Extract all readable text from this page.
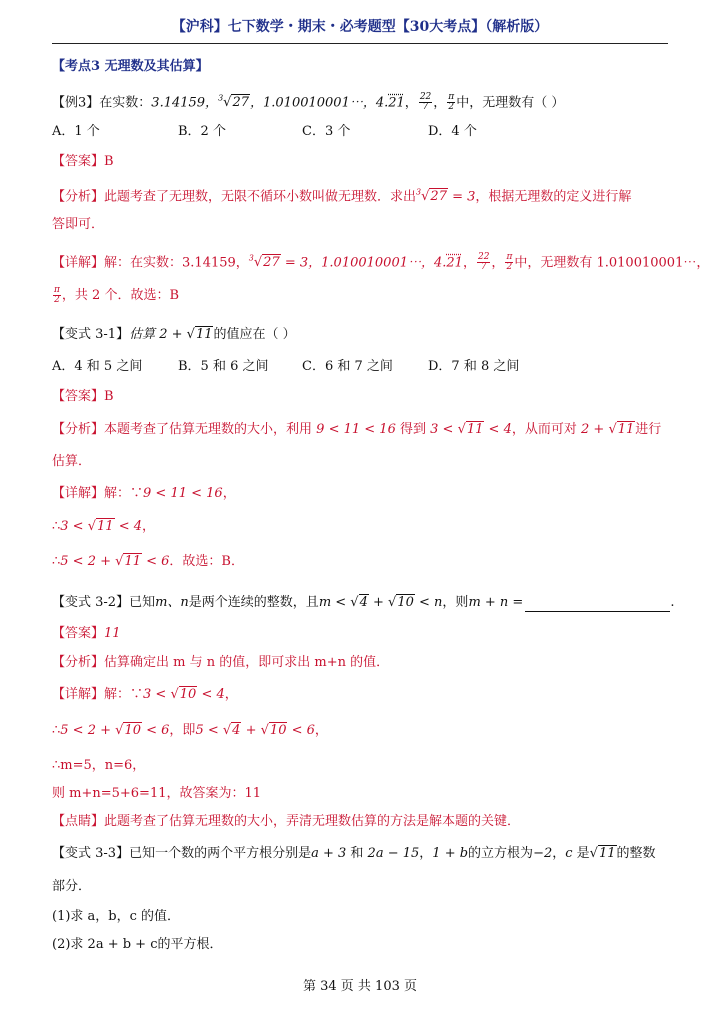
【沪科】七下数学・期末・必考题型【30大考点】（解析版）
【考点3 无理数及其估算】
【例3】在实数：3.14159，$^3$√27，1.010010001⋯，4.21， $\frac{22}{7}$ ， $\frac{\pi}{2}$ 中，无理数有（ ）
A．1 个	B．2 个	C．3 个	D．4 个
【答案】B
【分析】此题考查了无理数，无限不循环小数叫做无理数．求出$^3$√27 = 3，根据无理数的定义进行解
答即可．
【详解】解：在实数：3.14159，$^3$√27 = 3，1.010010001⋯，4.21， $\frac{22}{7}$ ， $\frac{\pi}{2}$ 中，无理数有 1.010010001⋯，
$\frac{\pi}{2}$ ，共 2 个．故选：B
【变式 3-1】估算 2 + √11的值应在（ ）
A．4 和 5 之间	B．5 和 6 之间	C．6 和 7 之间	D．7 和 8 之间
【答案】B
【分析】本题考查了估算无理数的大小，利用 9 < 11 < 16 得到 3 < √11 < 4，从而可对 2 + √11进行
估算．
【详解】解：∵9 < 11 < 16，
∴3 < √11 < 4，
∴5 < 2 + √11 < 6．故选：B．
【变式 3-2】已知m、n是两个连续的整数，且m < √4 + √10 < n，则m + n =	.
【答案】11
【分析】估算确定出 m 与 n 的值，即可求出 m+n 的值．
【详解】解：∵3 < √10 < 4，
∴5 < 2 + √10 < 6，即5 < √4 + √10 < 6，
∴m=5，n=6，
则 m+n=5+6=11，故答案为：11
【点睛】此题考查了估算无理数的大小，弄清无理数估算的方法是解本题的关键．
【变式 3-3】已知一个数的两个平方根分别是a + 3 和 2a − 15，1 + b的立方根为−2，c 是√11的整数
部分．
(1)求 a，b，c 的值．
(2)求 2a + b + c的平方根．
第 34 页 共 103 页
